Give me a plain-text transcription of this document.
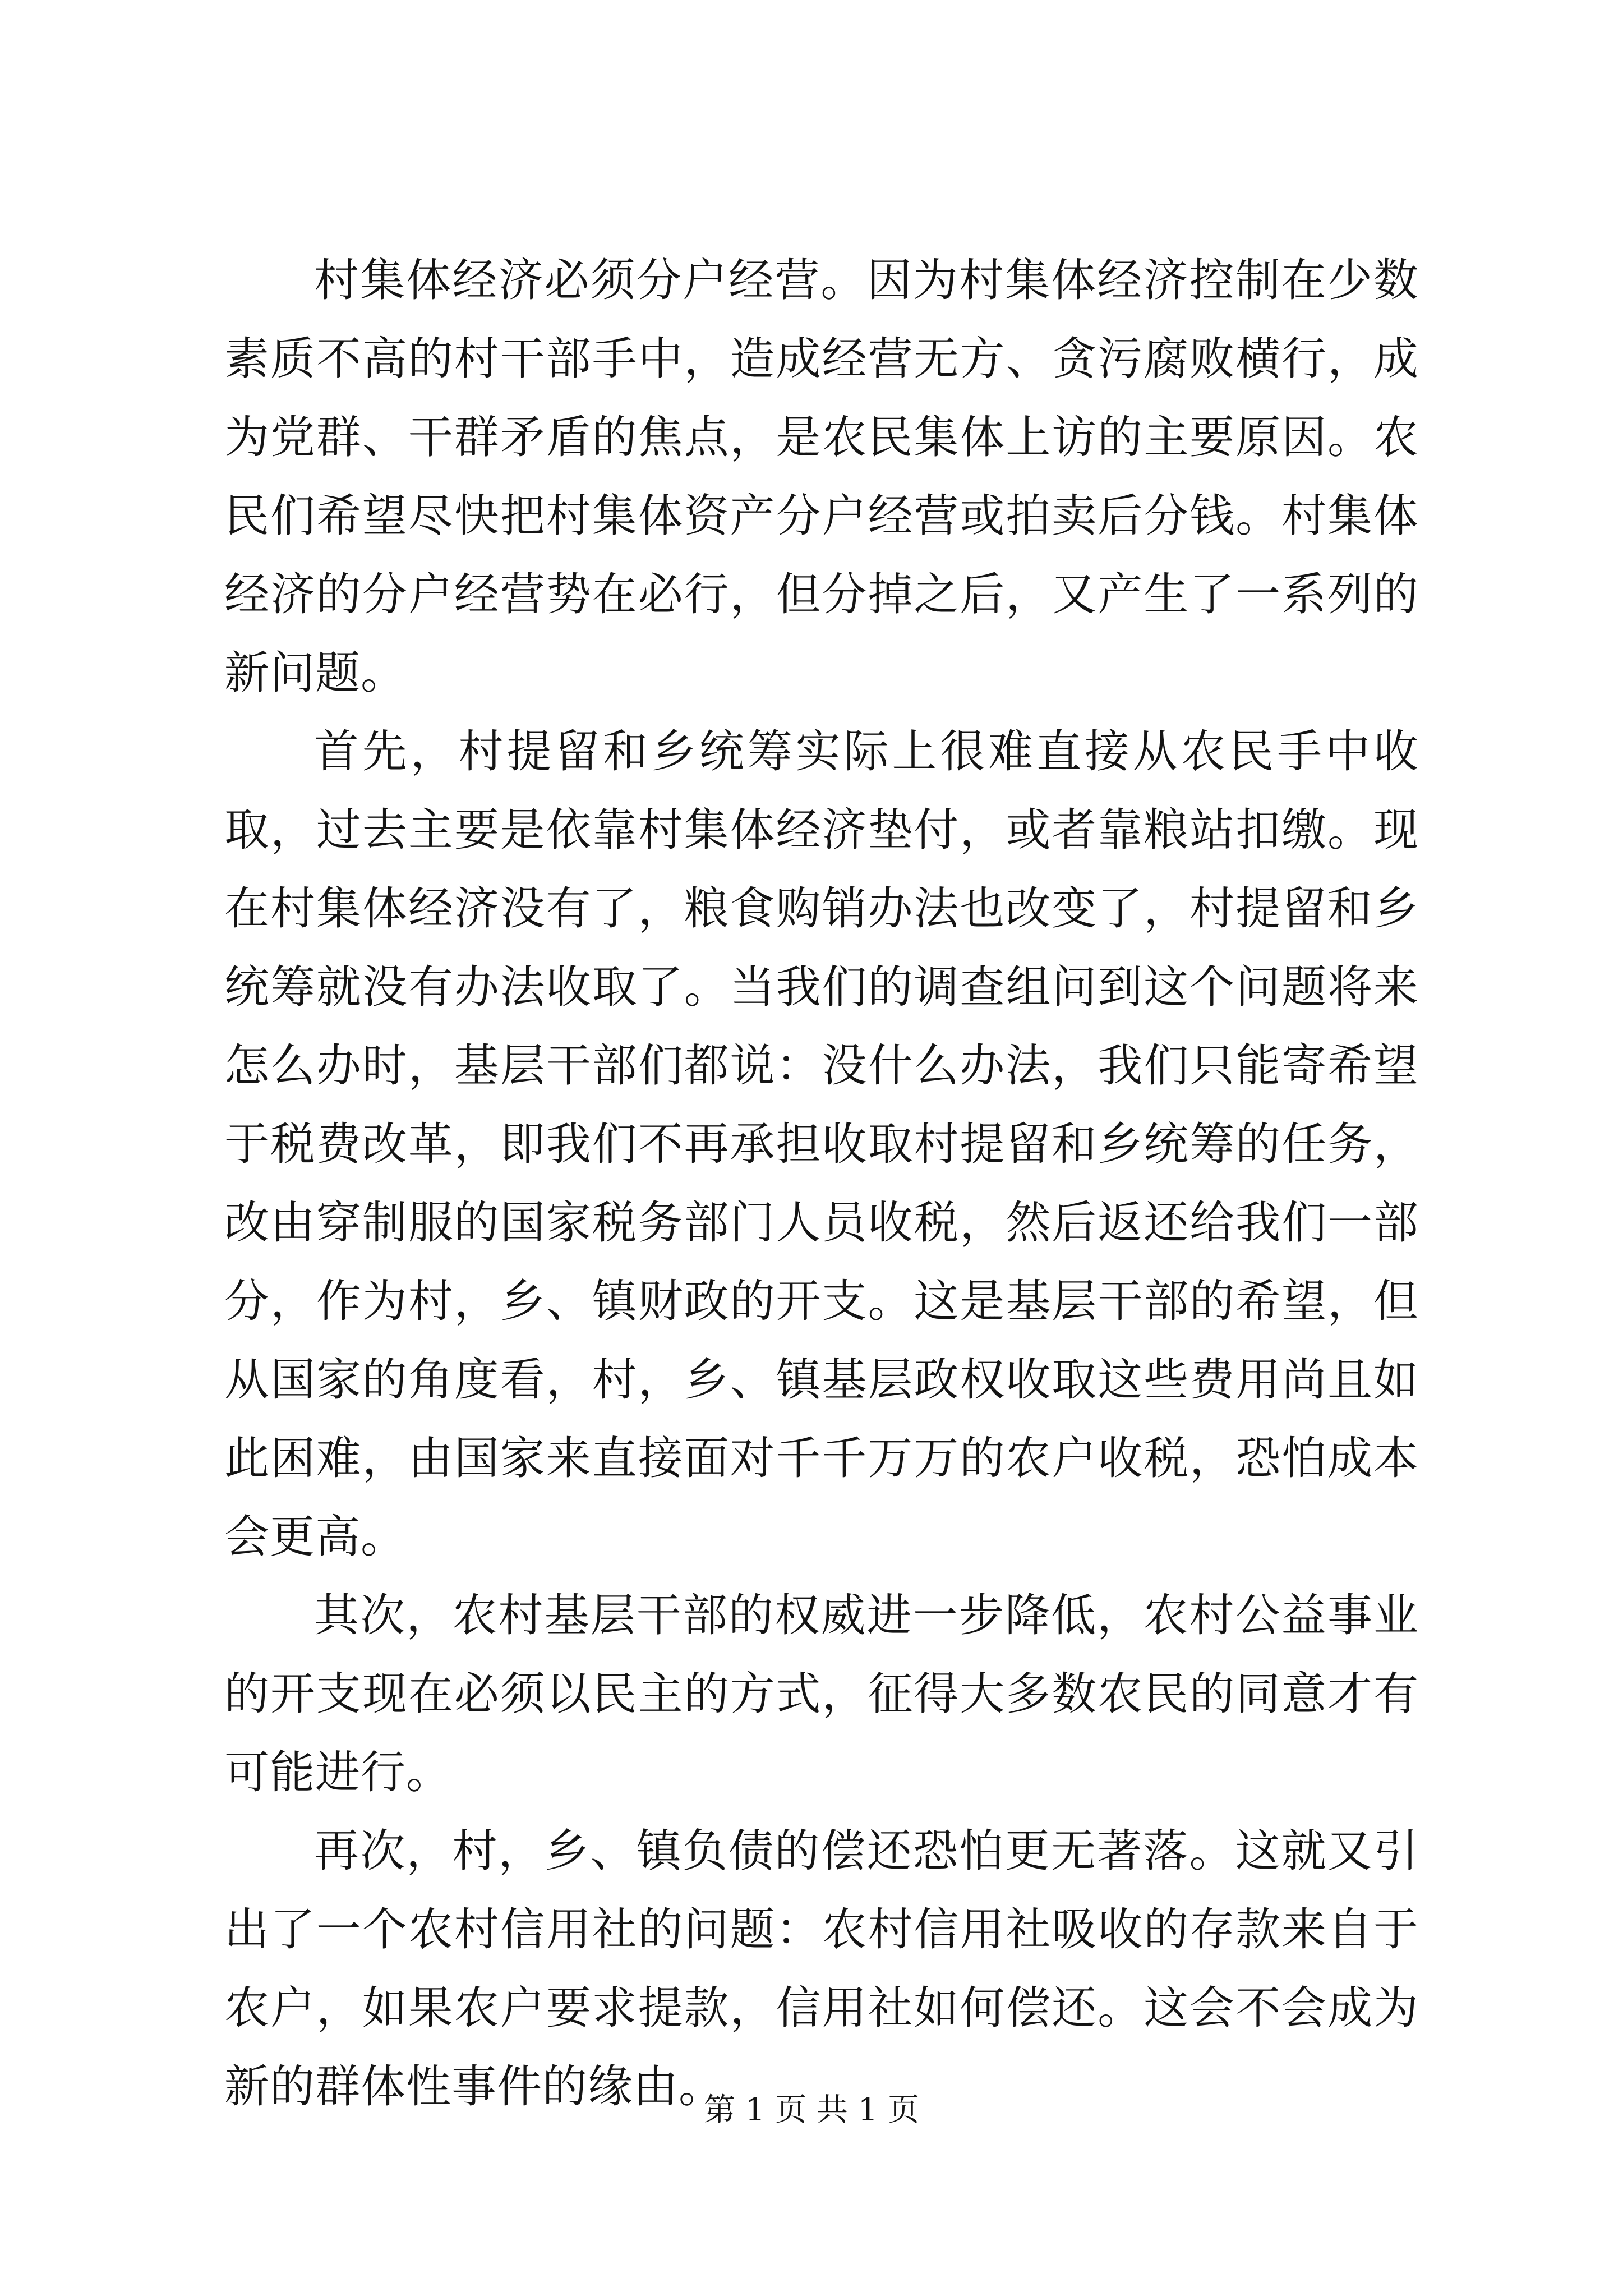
村集体经济必须分户经营。因为村集体经济控制在少数素质不高的村干部手中，造成经营无方、贪污腐败横行，成为党群、干群矛盾的焦点，是农民集体上访的主要原因。农民们希望尽快把村集体资产分户经营或拍卖后分钱。村集体经济的分户经营势在必行，但分掉之后，又产生了一系列的新问题。

首先，村提留和乡统筹实际上很难直接从农民手中收取，过去主要是依靠村集体经济垫付，或者靠粮站扣缴。现在村集体经济没有了，粮食购销办法也改变了，村提留和乡统筹就没有办法收取了。当我们的调查组问到这个问题将来怎么办时，基层干部们都说：没什么办法，我们只能寄希望于税费改革，即我们不再承担收取村提留和乡统筹的任务，改由穿制服的国家税务部门人员收税，然后返还给我们一部分，作为村，乡、镇财政的开支。这是基层干部的希望，但从国家的角度看，村，乡、镇基层政权收取这些费用尚且如此困难，由国家来直接面对千千万万的农户收税，恐怕成本会更高。

其次，农村基层干部的权威进一步降低，农村公益事业的开支现在必须以民主的方式，征得大多数农民的同意才有可能进行。

再次，村，乡、镇负债的偿还恐怕更无著落。这就又引出了一个农村信用社的问题：农村信用社吸收的存款来自于农户，如果农户要求提款，信用社如何偿还。这会不会成为新的群体性事件的缘由。

第 1 页 共 1 页
